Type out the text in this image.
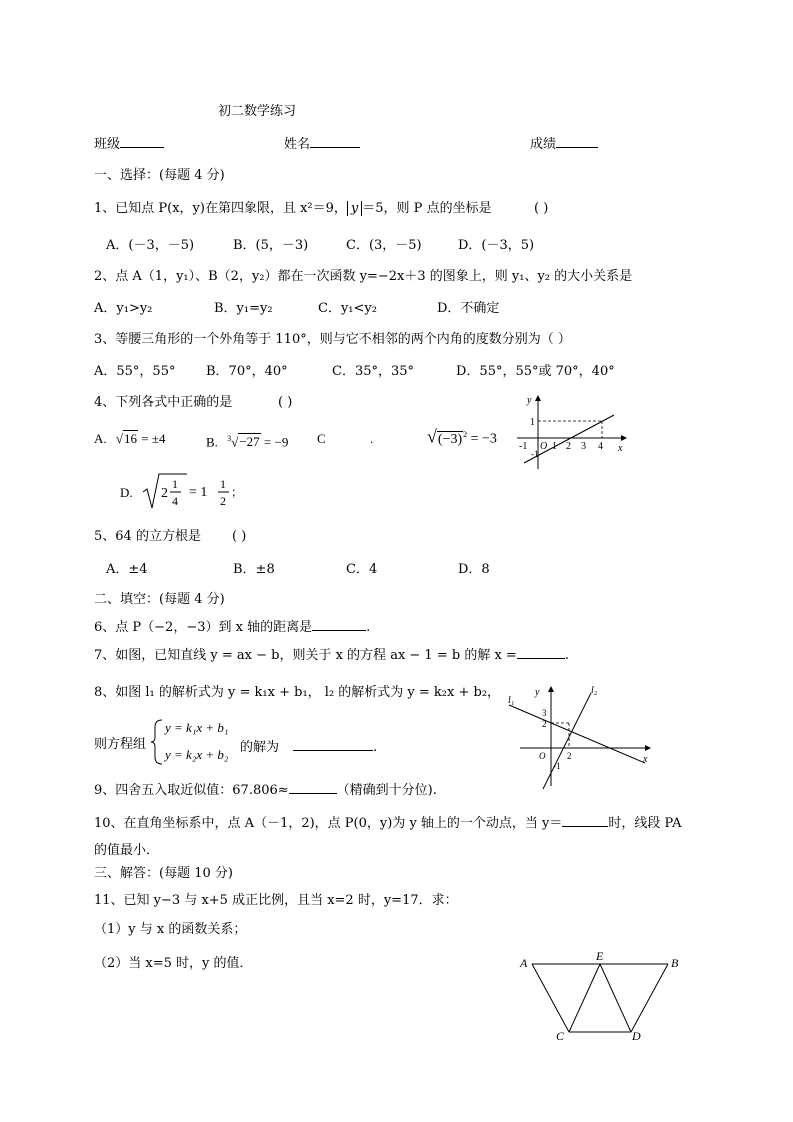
初二数学练习
班级	姓名	成绩
一、选择：(每题 4 分)
1、已知点 P(x，y)在第四象限，且 x²＝9， y ＝5，则 P 点的坐标是	( )
A．(－3，－5)	B．(5，－3)	C．(3，－5)	D．(－3，5)
2、点 A（1，y₁）、B（2，y₂）都在一次函数 y=−2x＋3 的图象上，则 y₁、y₂ 的大小关系是
A．y₁>y₂	B．y₁=y₂	C．y₁<y₂	D．不确定
3、等腰三角形的一个外角等于 110°，则与它不相邻的两个内角的度数分别为（ ）
A．55°，55° B．70°，40°	C．35°，35°	D．55°，55°或 70°，40°
4、下列各式中正确的是	( )
A. √16 = ±4	B. $^3$√−27 = −9 C	.	$√(-3)^2 = -3$
D. 2
1
4
= 1
1
2
；
y
x
O
1
-1 1 2 3 4
-1
5、64 的立方根是 ( )
A．±4	B．±8	C．4	D．8
二、填空：(每题 4 分)
6、点 P（−2，−3）到 x 轴的距离是	.
7、如图，已知直线 y = ax − b，则关于 x 的方程 ax − 1 = b 的解 x =	.
8、如图 l₁ 的解析式为 y = k₁x + b₁， l₂ 的解析式为 y = k₂x + b₂，
则方程组
y = k₁x + b₁
y = k₂x + b₂ 的解为	.
l₁
l₂
y
x
O
3
2
2
-1
9、四舍五入取近似值：67.806≈	（精确到十分位).
10、在直角坐标系中，点 A（－1，2)，点 P(0，y)为 y 轴上的一个动点，当 y＝	时，线段 PA
的值最小．
三、解答：(每题 10 分)
11、已知 y−3 与 x+5 成正比例，且当 x=2 时，y=17．求：
（1）y 与 x 的函数关系；
（2）当 x=5 时，y 的值．	A	E	B
C	D
